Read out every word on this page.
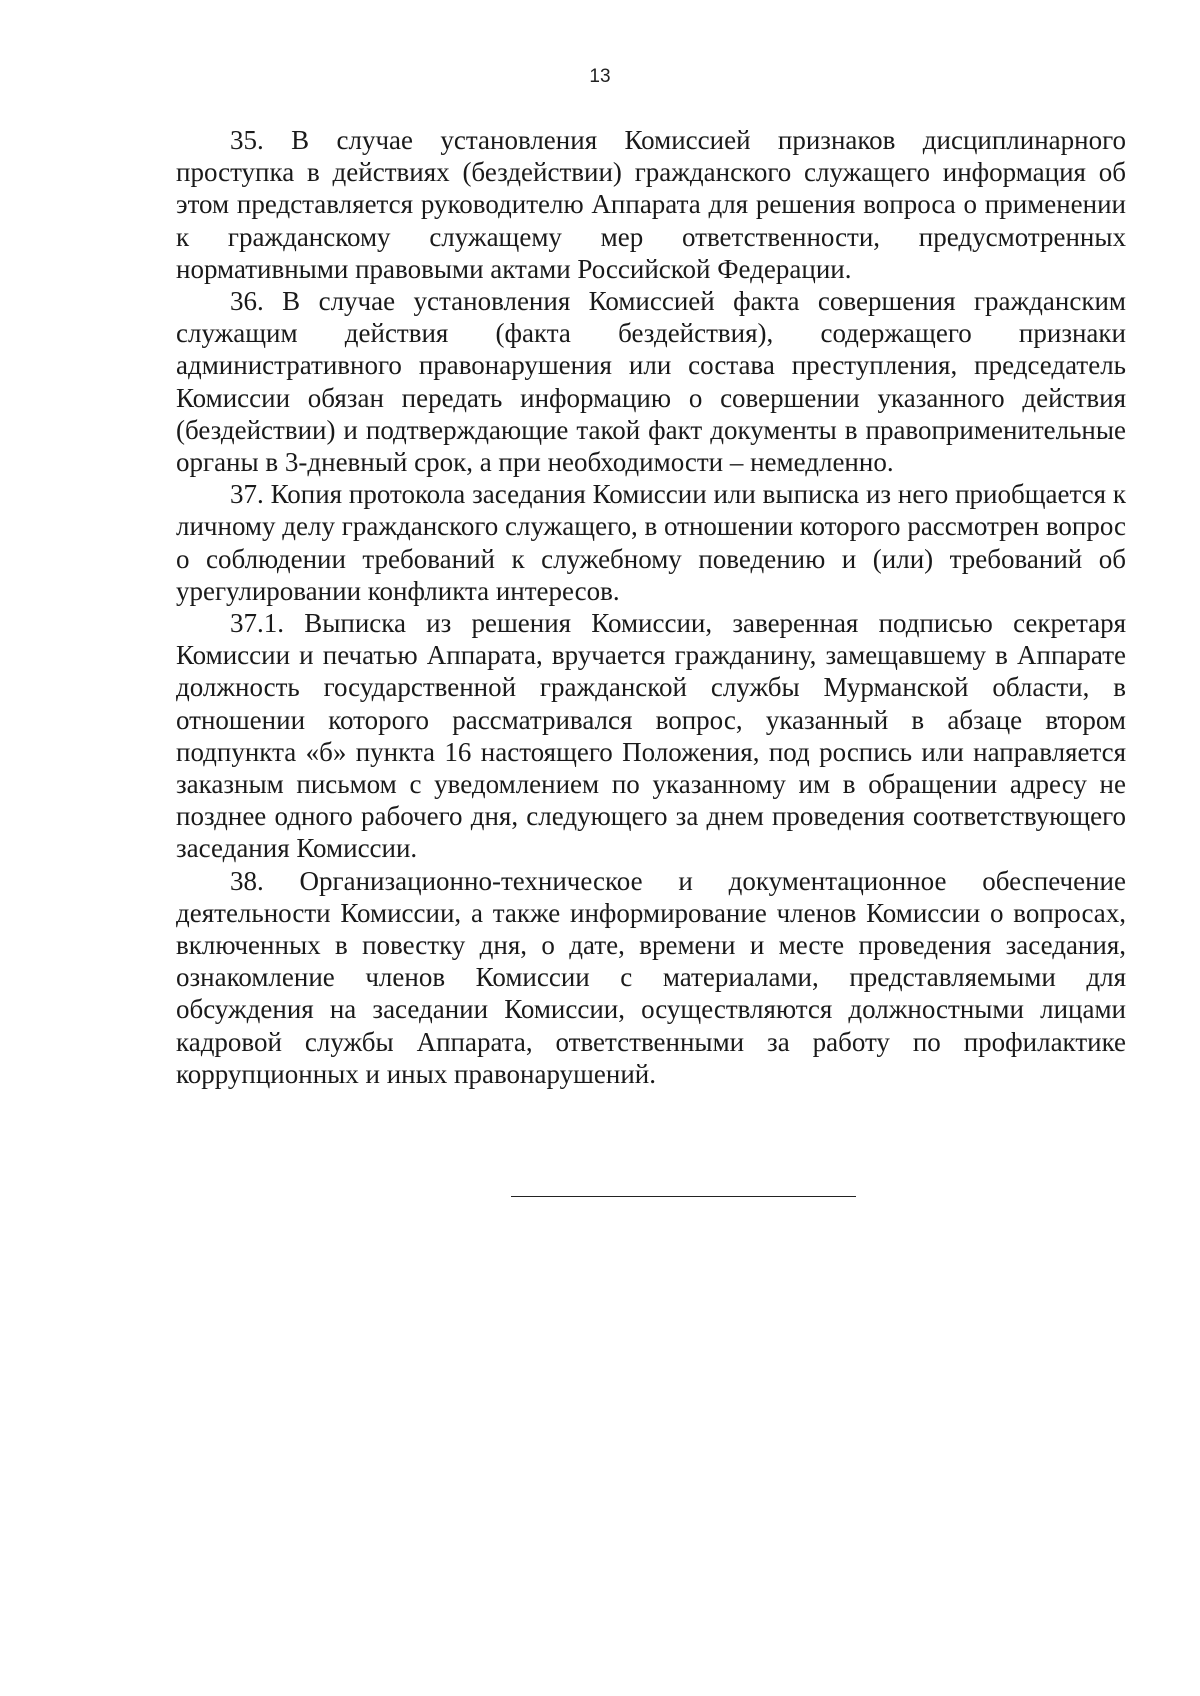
13

35. В случае установления Комиссией признаков дисциплинарного проступка в действиях (бездействии) гражданского служащего информация об этом представляется руководителю Аппарата для решения вопроса о применении к гражданскому служащему мер ответственности, предусмотренных нормативными правовыми актами Российской Федерации.

36. В случае установления Комиссией факта совершения гражданским служащим действия (факта бездействия), содержащего признаки административного правонарушения или состава преступления, председатель Комиссии обязан передать информацию о совершении указанного действия (бездействии) и подтверждающие такой факт документы в правоприменительные органы в 3-дневный срок, а при необходимости – немедленно.

37. Копия протокола заседания Комиссии или выписка из него приобщается к личному делу гражданского служащего, в отношении которого рассмотрен вопрос о соблюдении требований к служебному поведению и (или) требований об урегулировании конфликта интересов.

37.1. Выписка из решения Комиссии, заверенная подписью секретаря Комиссии и печатью Аппарата, вручается гражданину, замещавшему в Аппарате должность государственной гражданской службы Мурманской области, в отношении которого рассматривался вопрос, указанный в абзаце втором подпункта «б» пункта 16 настоящего Положения, под роспись или направляется заказным письмом с уведомлением по указанному им в обращении адресу не позднее одного рабочего дня, следующего за днем проведения соответствующего заседания Комиссии.

38. Организационно-техническое и документационное обеспечение деятельности Комиссии, а также информирование членов Комиссии о вопросах, включенных в повестку дня, о дате, времени и месте проведения заседания, ознакомление членов Комиссии с материалами, представляемыми для обсуждения на заседании Комиссии, осуществляются должностными лицами кадровой службы Аппарата, ответственными за работу по профилактике коррупционных и иных правонарушений.
